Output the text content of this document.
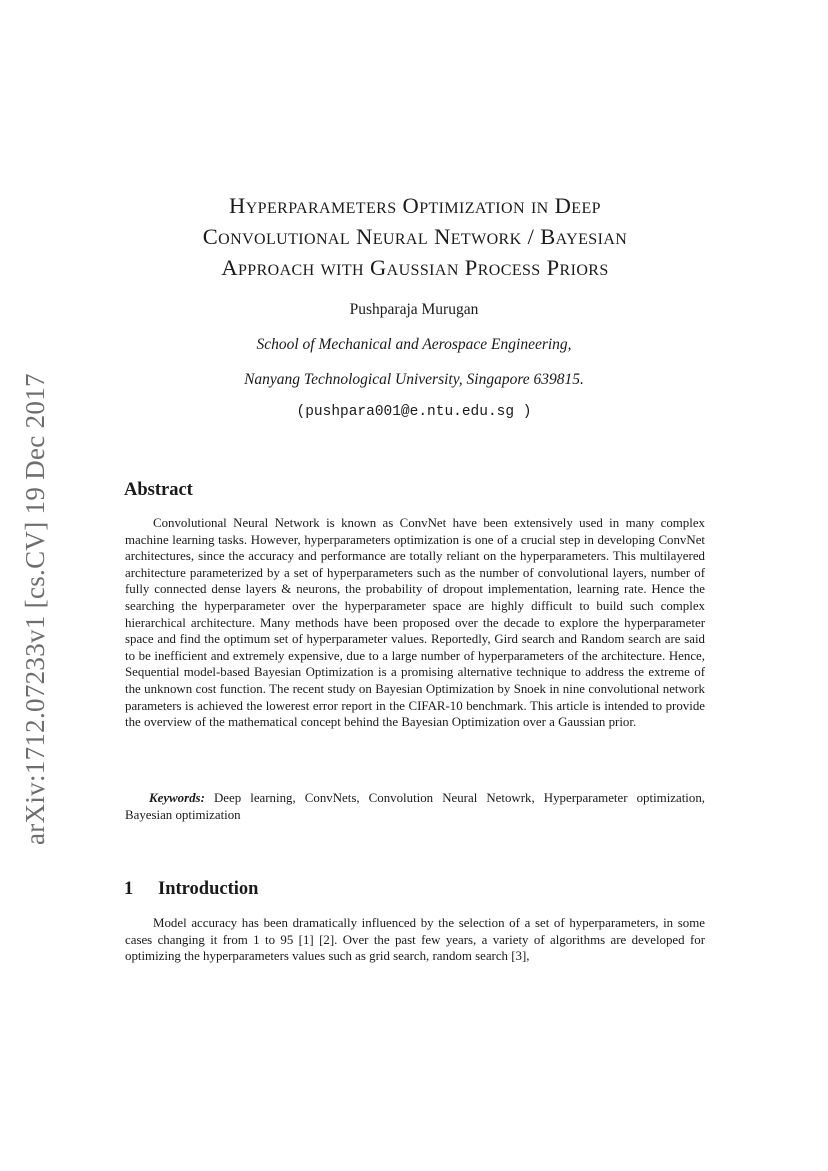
arXiv:1712.07233v1 [cs.CV] 19 Dec 2017
Hyperparameters Optimization in Deep
Convolutional Neural Network / Bayesian
Approach with Gaussian Process Priors
Pushparaja Murugan
School of Mechanical and Aerospace Engineering,
Nanyang Technological University, Singapore 639815.
(pushpara001@e.ntu.edu.sg )
Abstract

Convolutional Neural Network is known as ConvNet have been extensively used in many complex machine learning tasks. However, hyperparameters optimization is one of a crucial step in developing ConvNet architectures, since the accuracy and performance are totally reliant on the hyperparameters. This multilayered architecture parameterized by a set of hyperparameters such as the number of convolutional layers, number of fully connected dense layers & neurons, the probability of dropout implementation, learning rate. Hence the searching the hyperparameter over the hyperparameter space are highly difficult to build such complex hierarchical architecture. Many methods have been proposed over the decade to explore the hyperparameter space and find the optimum set of hyperparameter values. Reportedly, Gird search and Random search are said to be inefficient and extremely expensive, due to a large number of hyperparameters of the architecture. Hence, Sequential model-based Bayesian Optimization is a promising alternative technique to address the extreme of the unknown cost function. The recent study on Bayesian Optimization by Snoek in nine convolutional network parameters is achieved the lowerest error report in the CIFAR-10 benchmark. This article is intended to provide the overview of the mathematical concept behind the Bayesian Optimization over a Gaussian prior.

Keywords: Deep learning, ConvNets, Convolution Neural Netowrk, Hyperparameter optimization, Bayesian optimization

1 Introduction

Model accuracy has been dramatically influenced by the selection of a set of hyperparameters, in some cases changing it from 1 to 95 [1] [2]. Over the past few years, a variety of algorithms are developed for optimizing the hyperparameters values such as grid search, random search [3],
